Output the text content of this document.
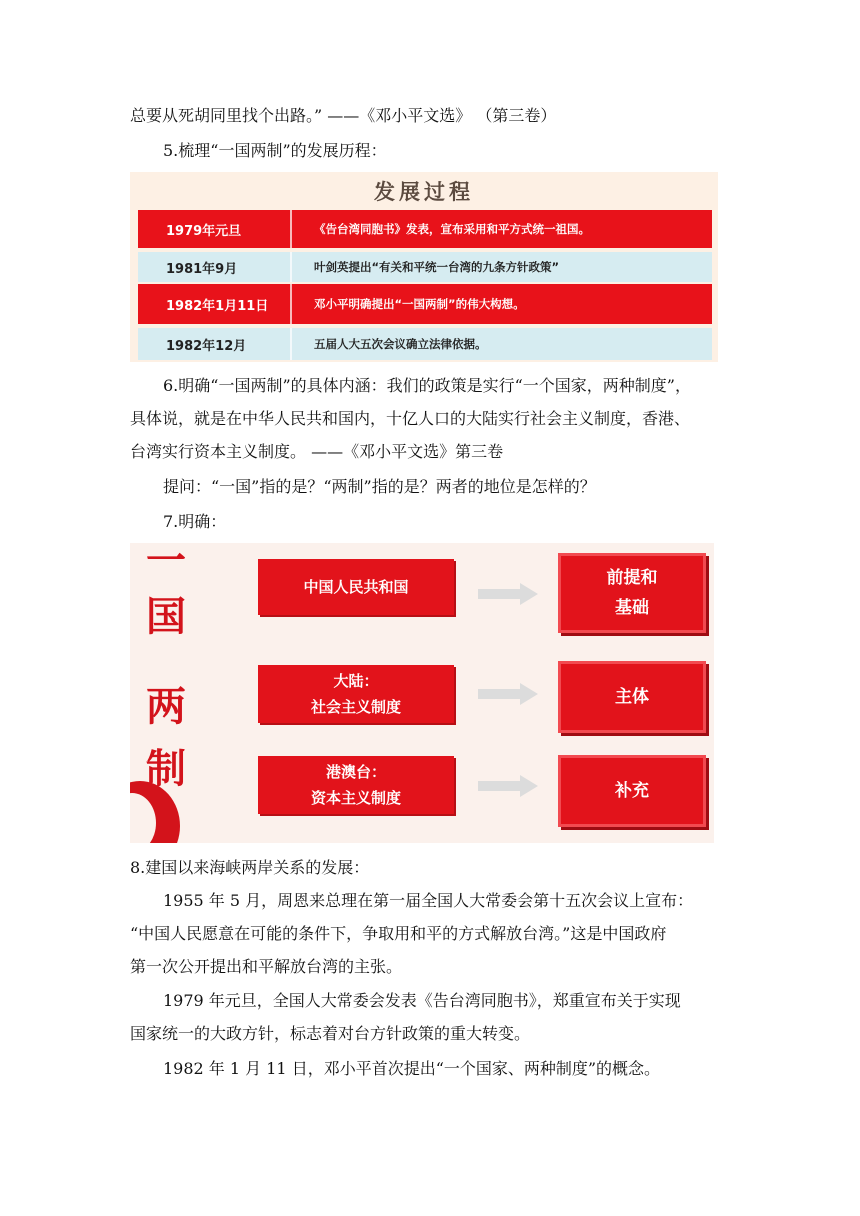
总要从死胡同里找个出路。” ——《邓小平文选》 （第三卷）
5.梳理“一国两制”的发展历程：
发展过程
1979年元旦	《告台湾同胞书》发表，宣布采用和平方式统一祖国。
1981年9月	叶剑英提出“有关和平统一台湾的九条方针政策”
1982年1月11日	邓小平明确提出“一国两制”的伟大构想。
1982年12月	五届人大五次会议确立法律依据。
6.明确“一国两制”的具体内涵：我们的政策是实行“一个国家，两种制度”，
具体说，就是在中华人民共和国内，十亿人口的大陆实行社会主义制度，香港、
台湾实行资本主义制度。 ——《邓小平文选》第三卷
提问：“一国”指的是？“两制”指的是？两者的地位是怎样的？
7.明确：
一
国
两
制
中国人民共和国
大陆：
社会主义制度
港澳台：
资本主义制度
前提和
基础
主体
补充
8.建国以来海峡两岸关系的发展：
1955 年 5 月，周恩来总理在第一届全国人大常委会第十五次会议上宣布：
“中国人民愿意在可能的条件下，争取用和平的方式解放台湾。”这是中国政府
第一次公开提出和平解放台湾的主张。
1979 年元旦，全国人大常委会发表《告台湾同胞书》，郑重宣布关于实现
国家统一的大政方针，标志着对台方针政策的重大转变。
1982 年 1 月 11 日，邓小平首次提出“一个国家、两种制度”的概念。
